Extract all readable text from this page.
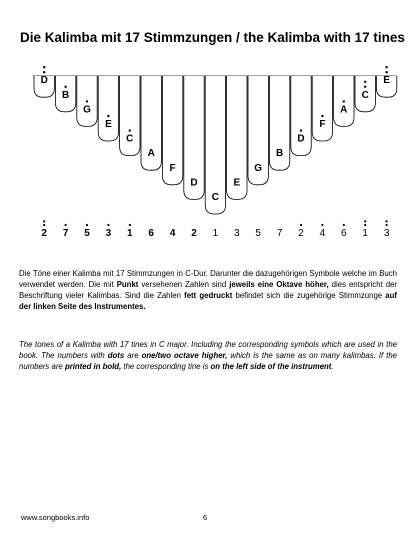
Die Kalimba mit 17 Stimmzungen / the Kalimba with 17 tines
D
2
B
7
G
5
E
3
C
1
A
6
F
4
D
2
C
1
E
3
G
5
B
7
D
2
F
4
A
6
C
1
E
3
Die Töne einer Kalimba mit 17 Stimmzungen in C-Dur. Darunter die dazugehörigen Symbole welche im Buch verwendet werden. Die mit Punkt versehenen Zahlen sind jeweils eine Oktave höher, dies entspricht der Beschriftung vieler Kalimbas. Sind die Zahlen fett gedruckt befindet sich die zugehörige Stimmzunge auf der linken Seite des Instrumentes.
The tones of a Kalimba with 17 tines in C major. Including the corresponding symbols which are used in the book. The numbers with dots are one/two octave higher, which is the same as on many kalimbas. If the numbers are printed in bold, the corresponding tine is on the left side of the instrument.
www.songbooks.info	6
